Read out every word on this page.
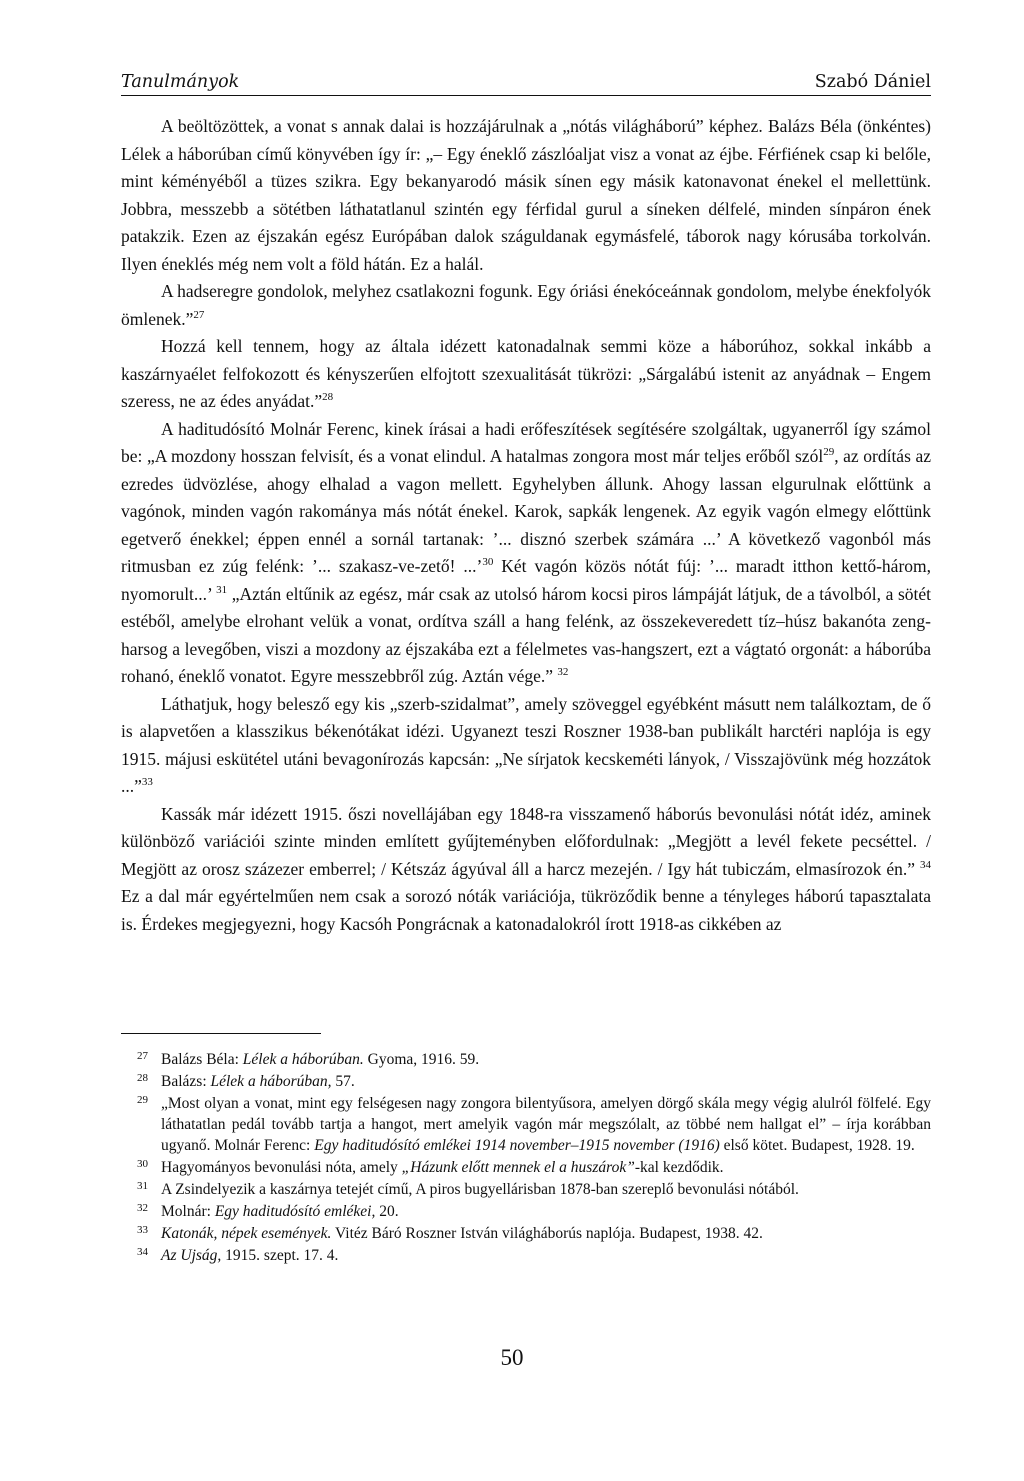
Tanulmányok	Szabó Dániel

A beöltözöttek, a vonat s annak dalai is hozzájárulnak a „nótás világháború” képhez. Balázs Béla (önkéntes) Lélek a háborúban című könyvében így ír: „– Egy éneklő zászlóaljat visz a vonat az éjbe. Férfiének csap ki belőle, mint kéményéből a tüzes szikra. Egy bekanyarodó másik sínen egy másik katonavonat énekel el mellettünk. Jobbra, messzebb a sötétben láthatatlanul szintén egy férfidal gurul a síneken délfelé, minden sínpáron ének patakzik. Ezen az éjszakán egész Európában dalok száguldanak egymásfelé, táborok nagy kórusába torkolván. Ilyen éneklés még nem volt a föld hátán. Ez a halál.

A hadseregre gondolok, melyhez csatlakozni fogunk. Egy óriási énekóceánnak gondolom, melybe énekfolyók ömlenek.”$^{27}$

Hozzá kell tennem, hogy az általa idézett katonadalnak semmi köze a háborúhoz, sokkal inkább a kaszárnyaélet felfokozott és kényszerűen elfojtott szexualitását tükrözi: „Sárgalábú istenit az anyádnak – Engem szeress, ne az édes anyádat.”$^{28}$

A haditudósító Molnár Ferenc, kinek írásai a hadi erőfeszítések segítésére szolgáltak, ugyanerről így számol be: „A mozdony hosszan felvisít, és a vonat elindul. A hatalmas zongora most már teljes erőből szól$^{29}$, az ordítás az ezredes üdvözlése, ahogy elhalad a vagon mellett. Egyhelyben állunk. Ahogy lassan elgurulnak előttünk a vagónok, minden vagón rakománya más nótát énekel. Karok, sapkák lengenek. Az egyik vagón elmegy előttünk egetverő énekkel; éppen ennél a sornál tartanak: ’... disznó szerbek számára ...’ A következő vagonból más ritmusban ez zúg felénk: ’... szakasz-ve-zető! ...’$^{30}$ Két vagón közös nótát fúj: ’... maradt itthon kettő-három, nyomorult...’ $^{31}$ „Aztán eltűnik az egész, már csak az utolsó három kocsi piros lámpáját látjuk, de a távolból, a sötét estéből, amelybe elrohant velük a vonat, ordítva száll a hang felénk, az összekeveredett tíz–húsz bakanóta zeng-harsog a levegőben, viszi a mozdony az éjszakába ezt a félelmetes vas-hangszert, ezt a vágtató orgonát: a háborúba rohanó, éneklő vonatot. Egyre messzebbről zúg. Aztán vége.” $^{32}$

Láthatjuk, hogy belesző egy kis „szerb-szidalmat”, amely szöveggel egyébként másutt nem találkoztam, de ő is alapvetően a klasszikus békenótákat idézi. Ugyanezt teszi Roszner 1938-ban publikált harctéri naplója is egy 1915. májusi eskütétel utáni bevagonírozás kapcsán: „Ne sírjatok kecskeméti lányok, / Visszajövünk még hozzátok ...”$^{33}$

Kassák már idézett 1915. őszi novellájában egy 1848-ra visszamenő háborús bevonulási nótát idéz, aminek különböző variációi szinte minden említett gyűjteményben előfordulnak: „Megjött a levél fekete pecséttel. / Megjött az orosz százezer emberrel; / Kétszáz ágyúval áll a harcz mezején. / Igy hát tubiczám, elmasírozok én.” $^{34}$ Ez a dal már egyértelműen nem csak a sorozó nóták variációja, tükröződik benne a tényleges háború tapasztalata is. Érdekes megjegyezni, hogy Kacsóh Pongrácnak a katonadalokról írott 1918-as cikkében az

27 Balázs Béla: Lélek a háborúban. Gyoma, 1916. 59.
28 Balázs: Lélek a háborúban, 57.
29 „Most olyan a vonat, mint egy felségesen nagy zongora bilentyűsora, amelyen dörgő skála megy végig alulról fölfelé. Egy láthatatlan pedál tovább tartja a hangot, mert amelyik vagón már megszólalt, az többé nem hallgat el” – írja korábban ugyanő. Molnár Ferenc: Egy haditudósító emlékei 1914 november–1915 november (1916) első kötet. Budapest, 1928. 19.
30 Hagyományos bevonulási nóta, amely „Házunk előtt mennek el a huszárok”-kal kezdődik.
31 A Zsindelyezik a kaszárnya tetejét című, A piros bugyellárisban 1878-ban szereplő bevonulási nótából.
32 Molnár: Egy haditudósító emlékei, 20.
33 Katonák, népek események. Vitéz Báró Roszner István világháborús naplója. Budapest, 1938. 42.
34 Az Ujság, 1915. szept. 17. 4.
50
